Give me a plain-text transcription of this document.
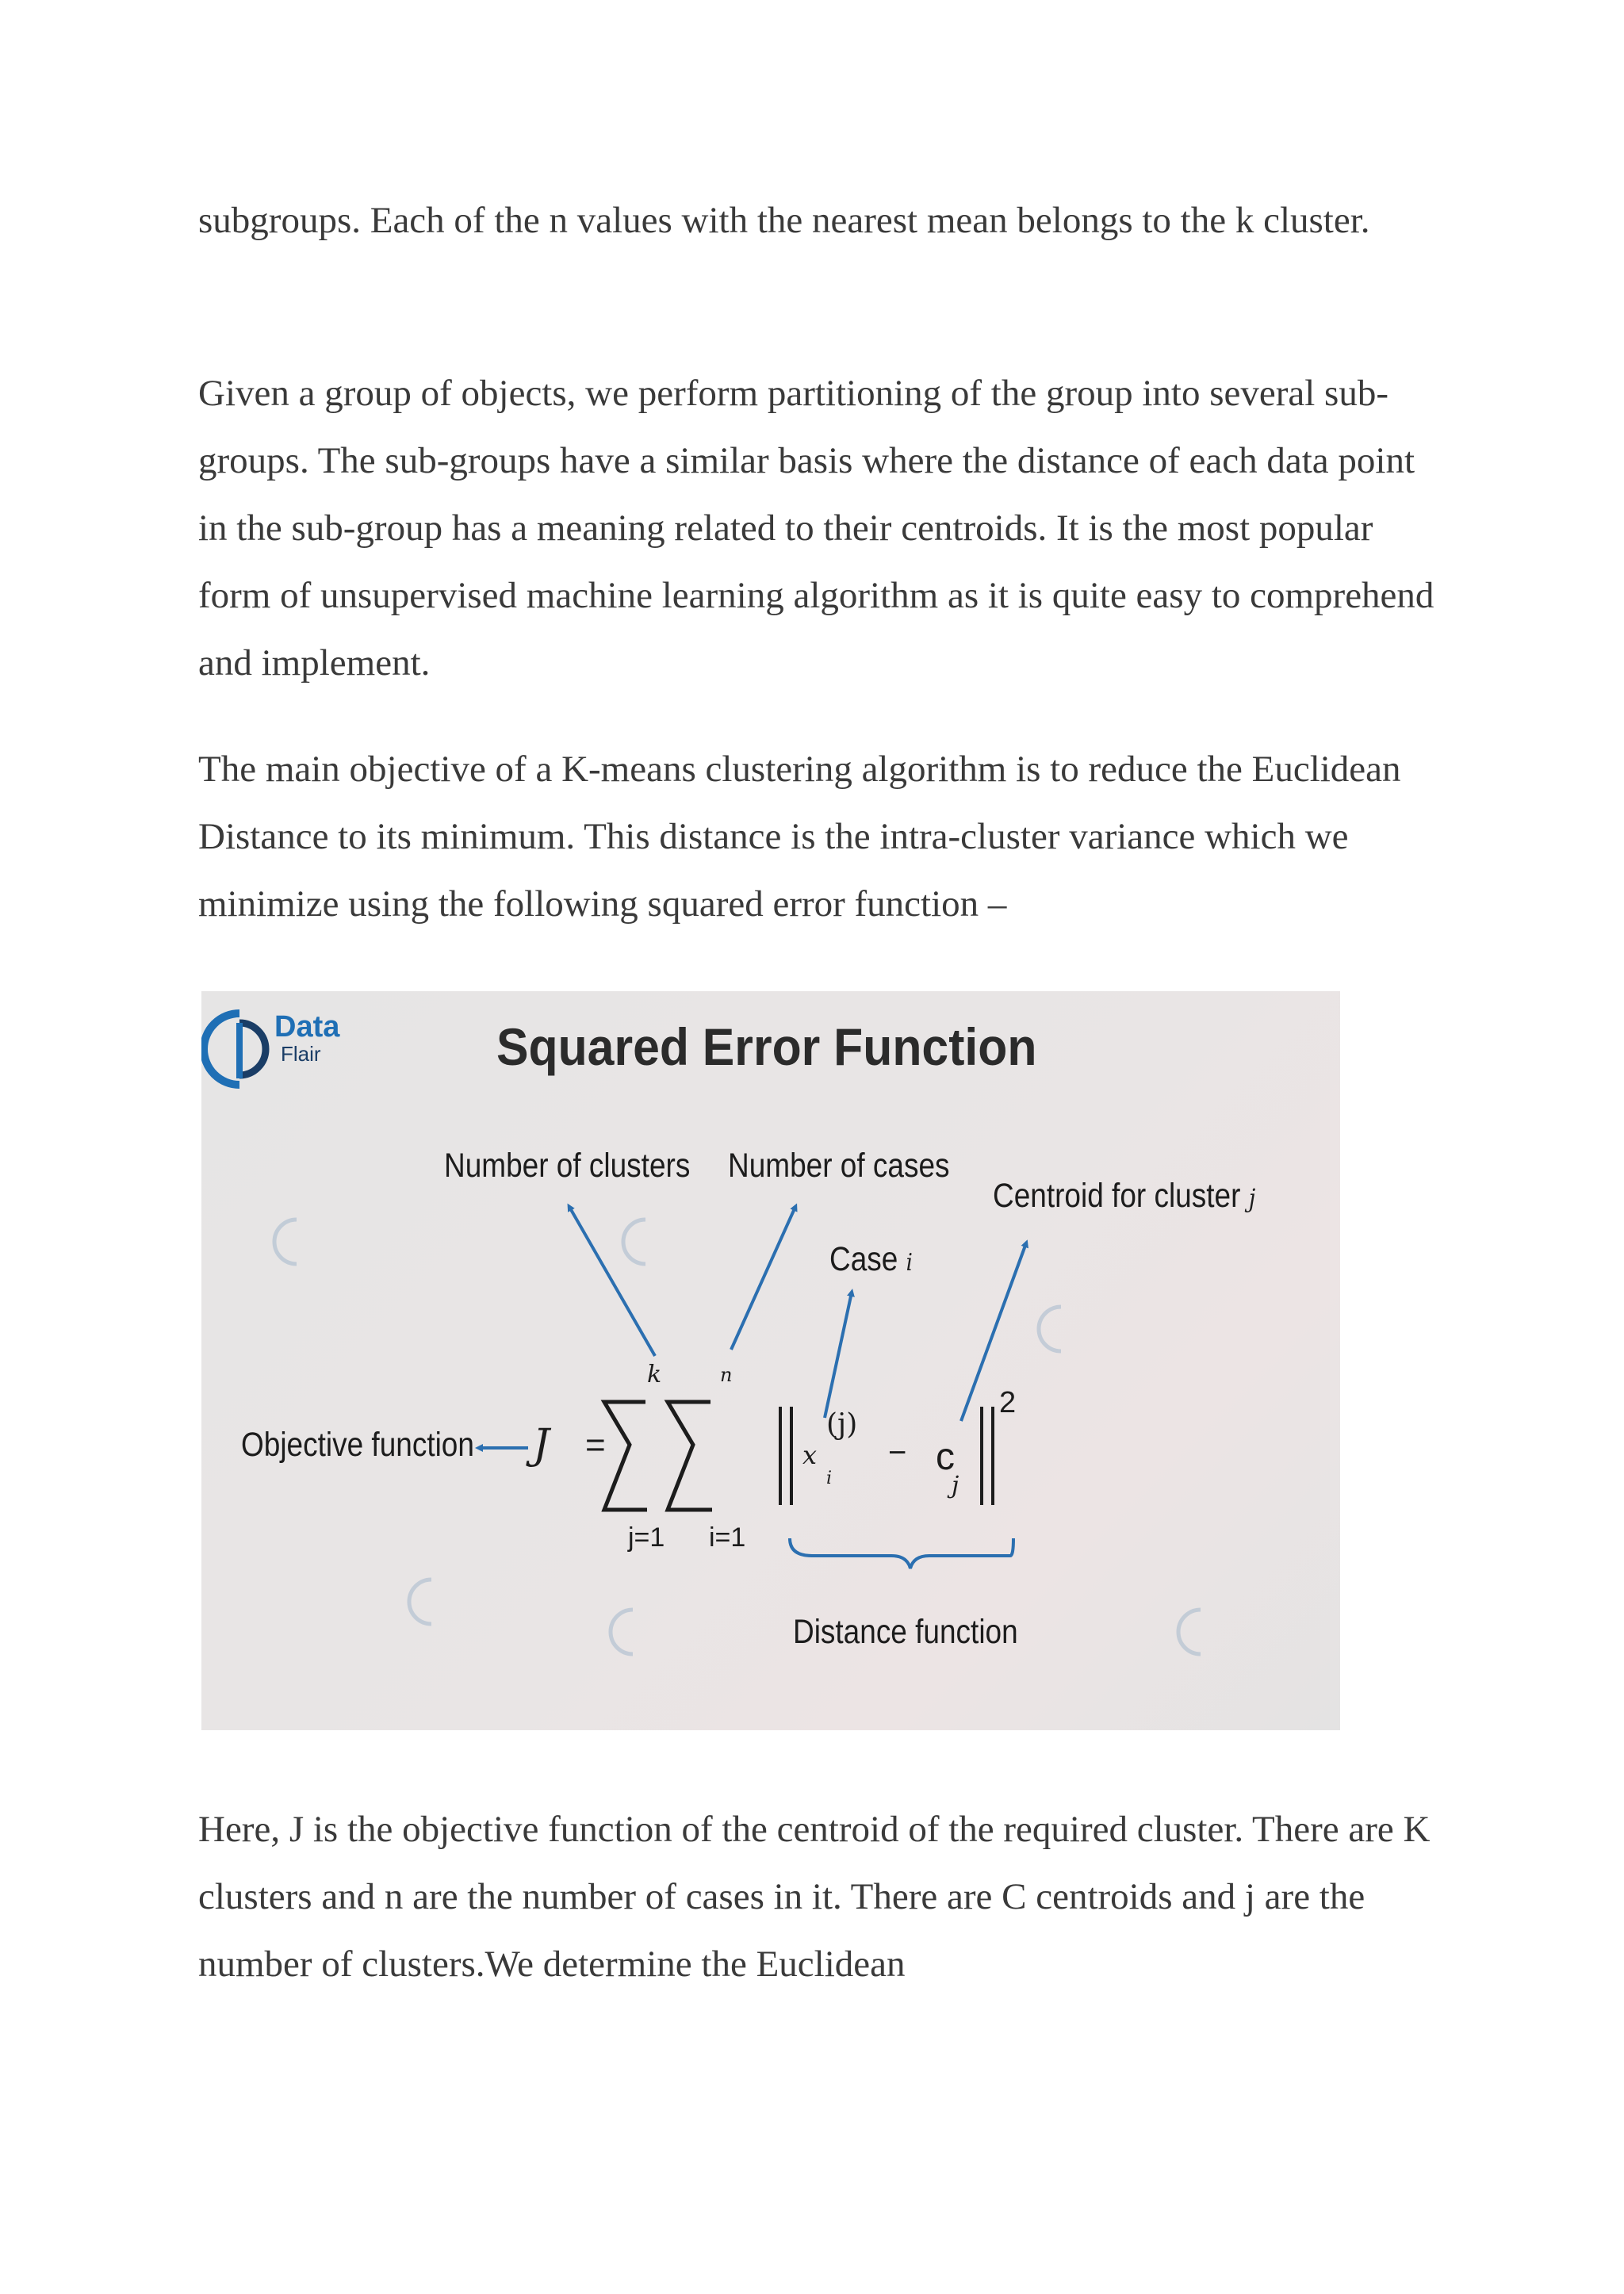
subgroups. Each of the n values with the nearest mean belongs to the k cluster.

Given a group of objects, we perform partitioning of the group into several sub-groups. The sub-groups have a similar basis where the distance of each data point in the sub-group has a meaning related to their centroids. It is the most popular form of unsupervised machine learning algorithm as it is quite easy to comprehend and implement.

The main objective of a K-means clustering algorithm is to reduce the Euclidean Distance to its minimum. This distance is the intra-cluster variance which we minimize using the following squared error function –

Data
Flair	Squared Error Function
Number of clusters Number of cases
Centroid for cluster j
Case i
Objective function
Distance function
J =
k	n
j=1 i=1
x
(j)
i
− c
j
2

Here, J is the objective function of the centroid of the required cluster. There are K clusters and n are the number of cases in it. There are C centroids and j are the number of clusters.We determine the Euclidean
